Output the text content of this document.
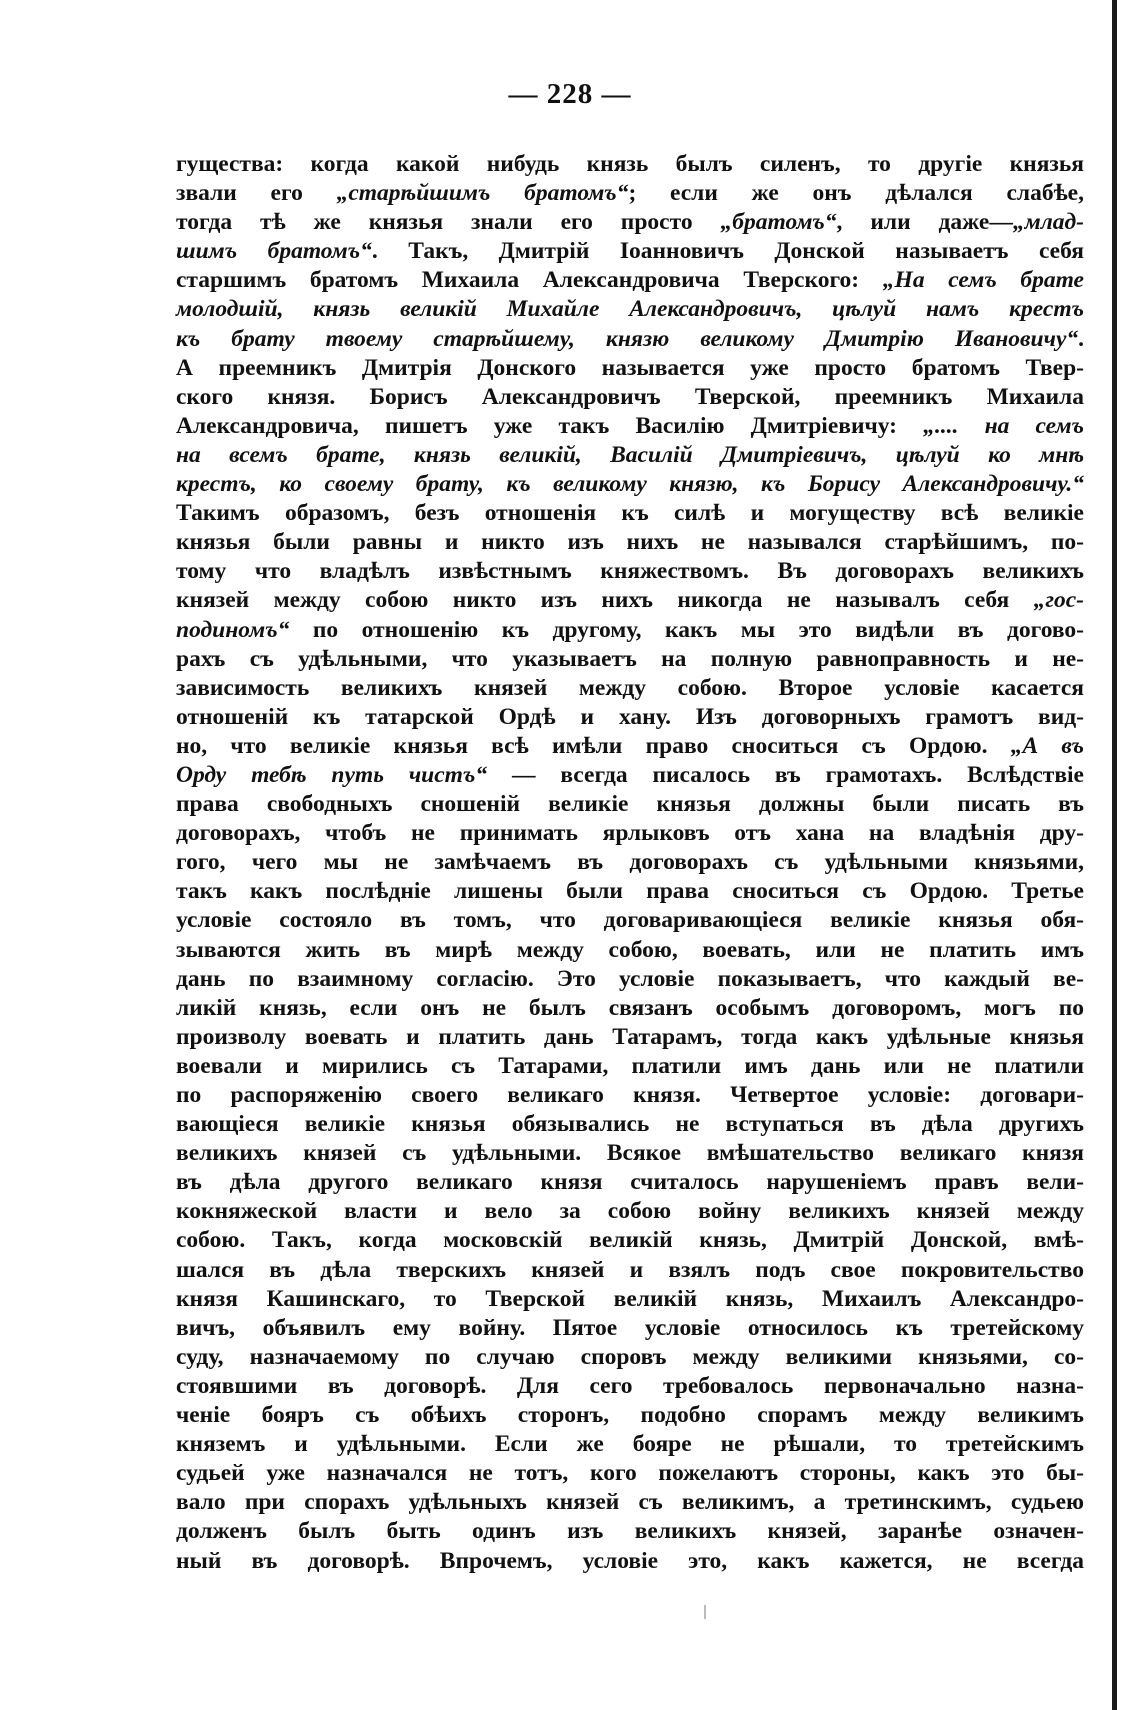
— 228 —
гущества: когда какой нибудь князь былъ силенъ, то другіе князья
звали его „старѣйшимъ братомъ“; если же онъ дѣлался слабѣе,
тогда тѣ же князья знали его просто „братомъ“, или даже—„млад-
шимъ братомъ“. Такъ, Дмитрій Іоанновичъ Донской называетъ себя
старшимъ братомъ Михаила Александровича Тверского: „На семъ брате
молодшій, князь великій Михайле Александровичъ, цѣлуй намъ крестъ
къ брату твоему старѣйшему, князю великому Дмитрію Ивановичу“.
А преемникъ Дмитрія Донского называется уже просто братомъ Твер-
ского князя. Борисъ Александровичъ Тверской, преемникъ Михаила
Александровича, пишетъ уже такъ Василію Дмитріевичу: „.... на семъ
на всемъ брате, князь великій, Василій Дмитріевичъ, цѣлуй ко мнѣ
крестъ, ко своему брату, къ великому князю, къ Борису Александровичу.“
Такимъ образомъ, безъ отношенія къ силѣ и могуществу всѣ великіе
князья были равны и никто изъ нихъ не назывался старѣйшимъ, по-
тому что владѣлъ извѣстнымъ княжествомъ. Въ договорахъ великихъ
князей между собою никто изъ нихъ никогда не называлъ себя „гос-
подиномъ“ по отношенію къ другому, какъ мы это видѣли въ догово-
рахъ съ удѣльными, что указываетъ на полную равноправность и не-
зависимость великихъ князей между собою. Второе условіе касается
отношеній къ татарской Ордѣ и хану. Изъ договорныхъ грамотъ вид-
но, что великіе князья всѣ имѣли право сноситься съ Ордою. „А въ
Орду тебѣ путь чистъ“ — всегда писалось въ грамотахъ. Вслѣдствіе
права свободныхъ сношеній великіе князья должны были писать въ
договорахъ, чтобъ не принимать ярлыковъ отъ хана на владѣнія дру-
гого, чего мы не замѣчаемъ въ договорахъ съ удѣльными князьями,
такъ какъ послѣдніе лишены были права сноситься съ Ордою. Третье
условіе состояло въ томъ, что договаривающіеся великіе князья обя-
зываются жить въ мирѣ между собою, воевать, или не платить имъ
дань по взаимному согласію. Это условіе показываетъ, что каждый ве-
ликій князь, если онъ не былъ связанъ особымъ договоромъ, могъ по
произволу воевать и платить дань Татарамъ, тогда какъ удѣльные князья
воевали и мирились съ Татарами, платили имъ дань или не платили
по распоряженію своего великаго князя. Четвертое условіе: договари-
вающіеся великіе князья обязывались не вступаться въ дѣла другихъ
великихъ князей съ удѣльными. Всякое вмѣшательство великаго князя
въ дѣла другого великаго князя считалось нарушеніемъ правъ вели-
кокняжеской власти и вело за собою войну великихъ князей между
собою. Такъ, когда московскій великій князь, Дмитрій Донской, вмѣ-
шался въ дѣла тверскихъ князей и взялъ подъ свое покровительство
князя Кашинскаго, то Тверской великій князь, Михаилъ Александро-
вичъ, объявилъ ему войну. Пятое условіе относилось къ третейскому
суду, назначаемому по случаю споровъ между великими князьями, со-
стоявшими въ договорѣ. Для сего требовалось первоначально назна-
ченіе бояръ съ обѣихъ сторонъ, подобно спорамъ между великимъ
княземъ и удѣльными. Если же бояре не рѣшали, то третейскимъ
судьей уже назначался не тотъ, кого пожелаютъ стороны, какъ это бы-
вало при спорахъ удѣльныхъ князей съ великимъ, а третинскимъ, судьею
долженъ былъ быть одинъ изъ великихъ князей, заранѣе означен-
ный въ договорѣ. Впрочемъ, условіе это, какъ кажется, не всегда
